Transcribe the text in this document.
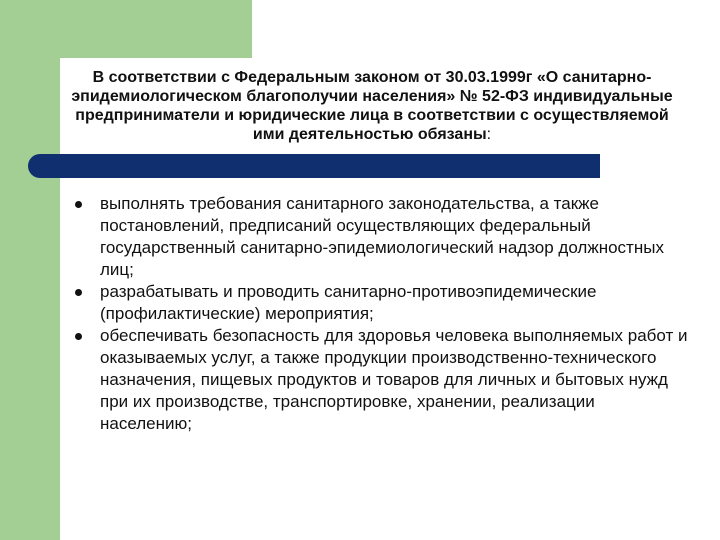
В соответствии с Федеральным законом от 30.03.1999г «О санитарно-эпидемиологическом благополучии населения» № 52-ФЗ индивидуальные предприниматели и юридические лица в соответствии с осуществляемой ими деятельностью обязаны:

выполнять требования санитарного законодательства, а также постановлений, предписаний осуществляющих федеральный государственный санитарно-эпидемиологический надзор должностных лиц;
разрабатывать и проводить санитарно-противоэпидемические (профилактические) мероприятия;
обеспечивать безопасность для здоровья человека выполняемых работ и оказываемых услуг, а также продукции производственно-технического назначения, пищевых продуктов и товаров для личных и бытовых нужд при их производстве, транспортировке, хранении, реализации населению;
